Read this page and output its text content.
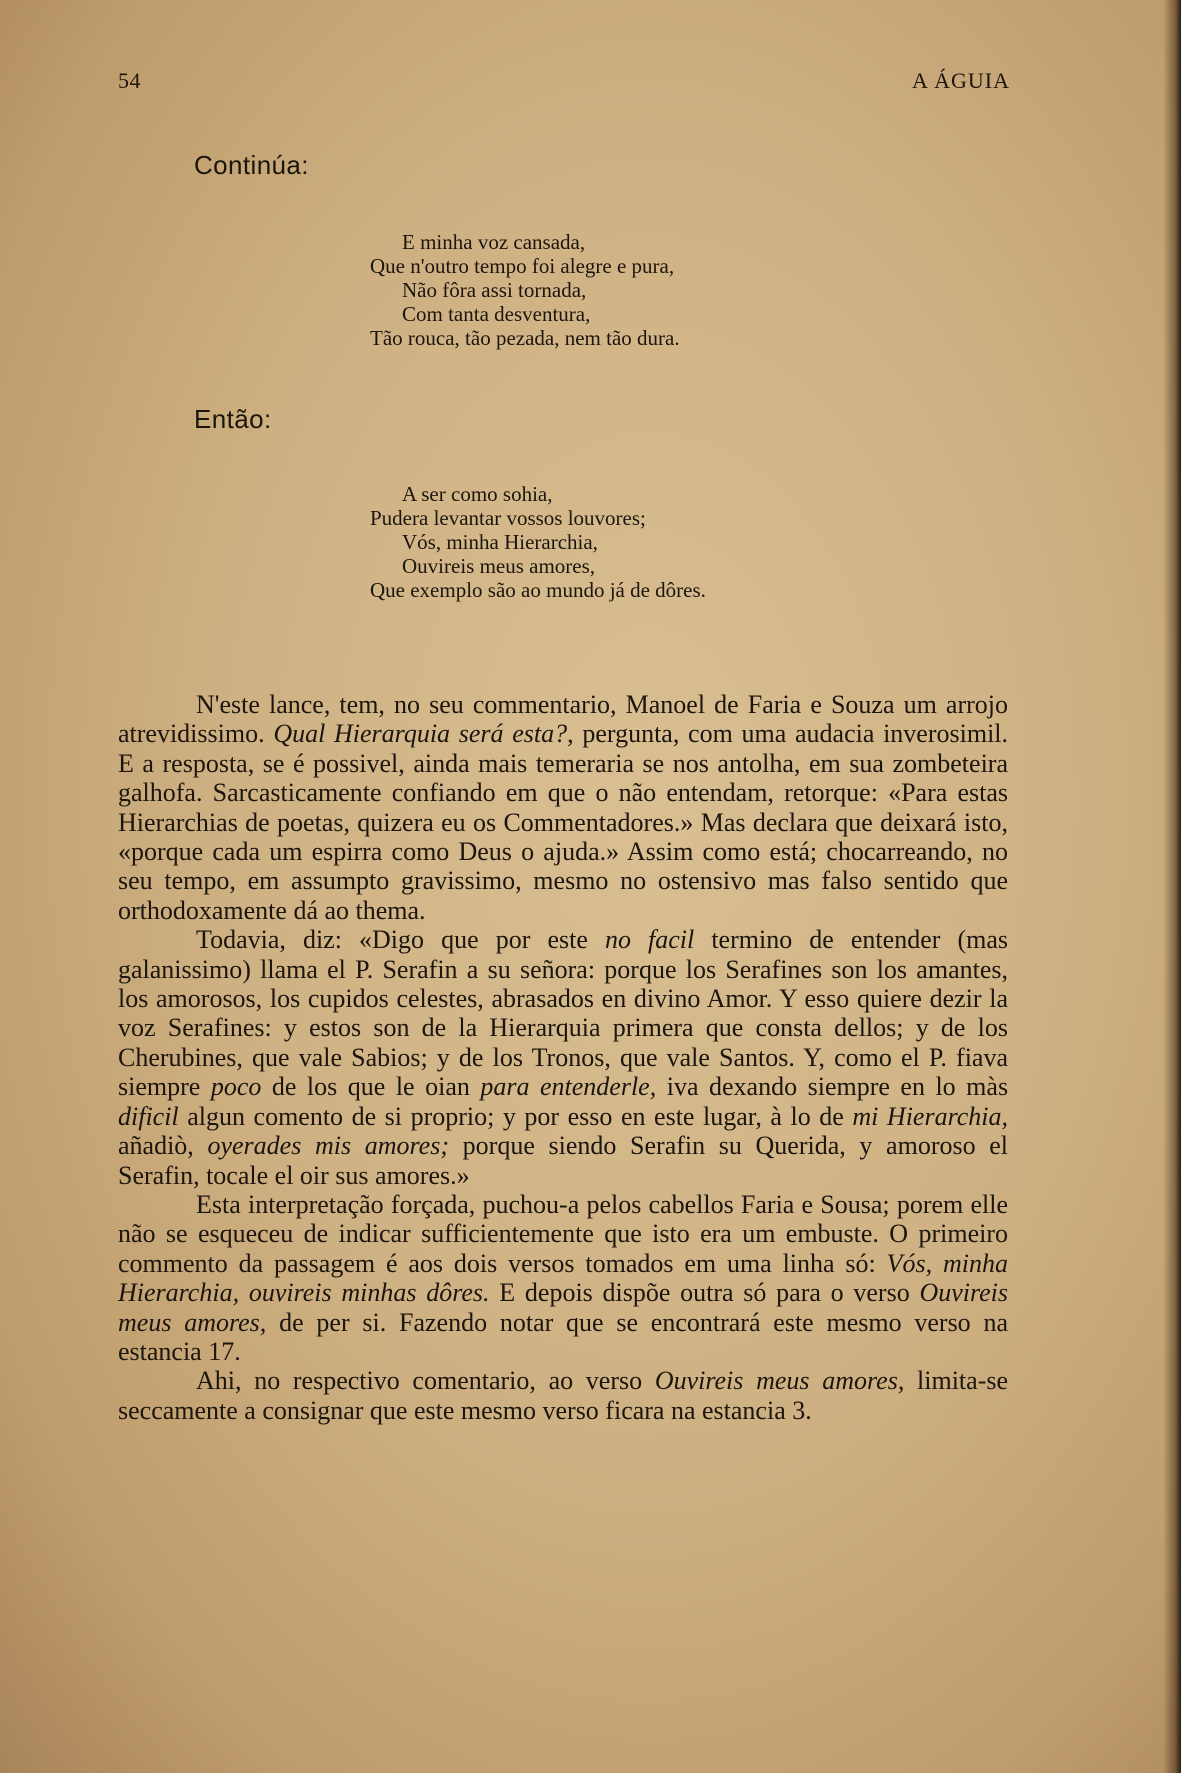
54	A ÁGUIA
Continúa:
E minha voz cansada,
Que n'outro tempo foi alegre e pura,
Não fôra assi tornada,
Com tanta desventura,
Tão rouca, tão pezada, nem tão dura.
Então:
A ser como sohia,
Pudera levantar vossos louvores;
Vós, minha Hierarchia,
Ouvireis meus amores,
Que exemplo são ao mundo já de dôres.

N'este lance, tem, no seu commentario, Manoel de Faria e Souza um arrojo atrevidissimo. Qual Hierarquia será esta?, pergunta, com uma audacia inverosimil. E a resposta, se é possivel, ainda mais temeraria se nos antolha, em sua zombeteira galhofa. Sarcasticamente confiando em que o não entendam, retorque: «Para estas Hierarchias de poetas, quizera eu os Commentadores.» Mas declara que deixará isto, «porque cada um espirra como Deus o ajuda.» Assim como está; chocarreando, no seu tempo, em assumpto gravissimo, mesmo no ostensivo mas falso sentido que orthodoxamente dá ao thema.

Todavia, diz: «Digo que por este no facil termino de entender (mas galanissimo) llama el P. Serafin a su señora: porque los Serafines son los amantes, los amorosos, los cupidos celestes, abrasados en divino Amor. Y esso quiere dezir la voz Serafines: y estos son de la Hierarquia primera que consta dellos; y de los Cherubines, que vale Sabios; y de los Tronos, que vale Santos. Y, como el P. fiava siempre poco de los que le oian para entenderle, iva dexando siempre en lo màs dificil algun comento de si proprio; y por esso en este lugar, à lo de mi Hierarchia, añadiò, oyerades mis amores; porque siendo Serafin su Querida, y amoroso el Serafin, tocale el oir sus amores.»

Esta interpretação forçada, puchou-a pelos cabellos Faria e Sousa; porem elle não se esqueceu de indicar sufficientemente que isto era um embuste. O primeiro commento da passagem é aos dois versos tomados em uma linha só: Vós, minha Hierarchia, ouvireis minhas dôres. E depois dispõe outra só para o verso Ouvireis meus amores, de per si. Fazendo notar que se encontrará este mesmo verso na estancia 17.

Ahi, no respectivo comentario, ao verso Ouvireis meus amores, limita-se seccamente a consignar que este mesmo verso ficara na estancia 3.
